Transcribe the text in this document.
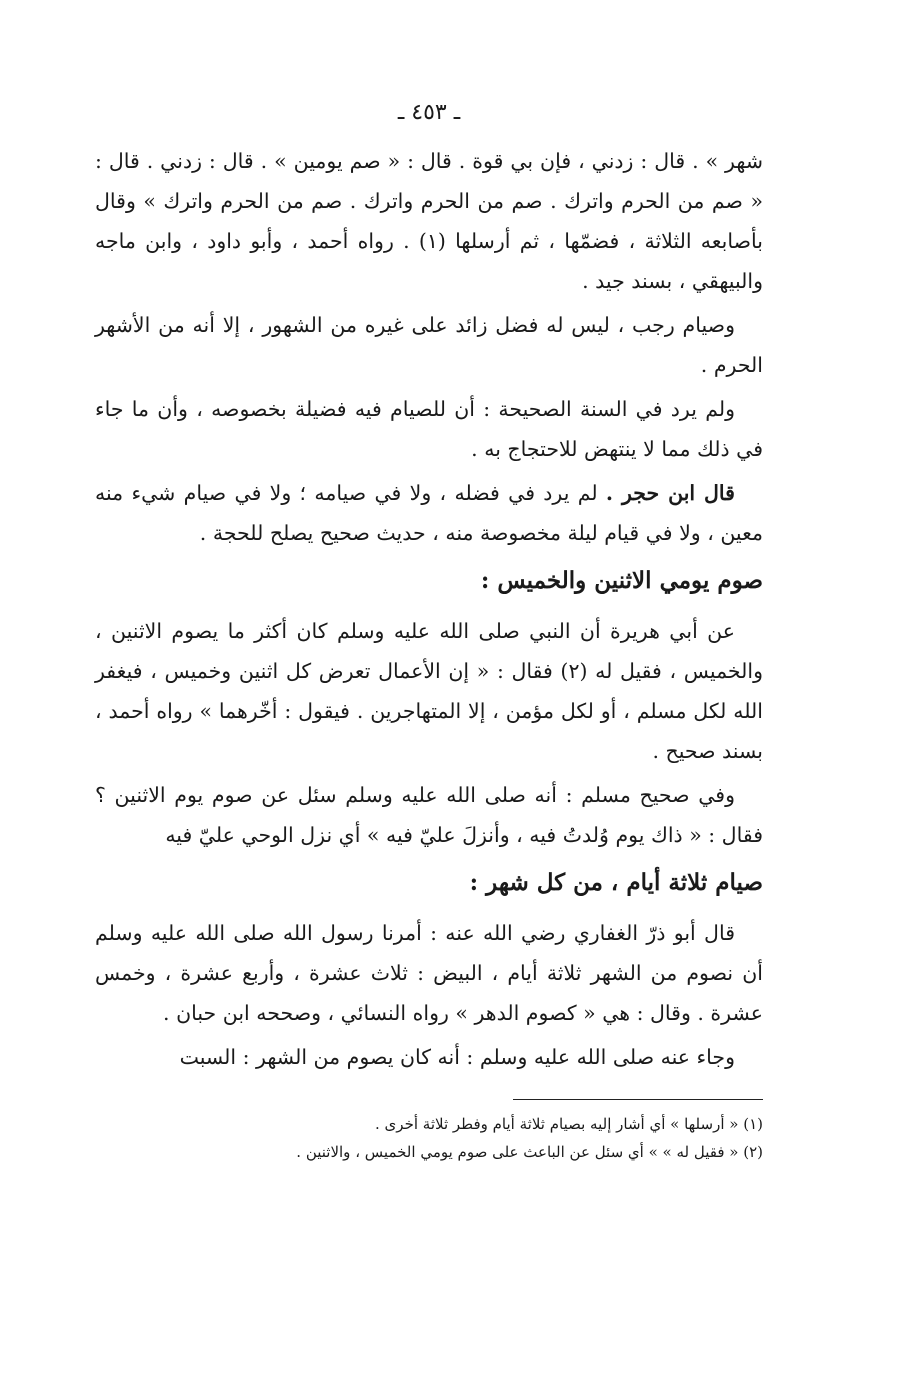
ـ ٤٥٣ ـ

شهر » . قال : زدني ، فإن بي قوة . قال : « صم يومين » . قال : زدني . قال : « صم من الحرم واترك . صم من الحرم واترك . صم من الحرم واترك » وقال بأصابعه الثلاثة ، فضمّها ، ثم أرسلها (١) . رواه أحمد ، وأبو داود ، وابن ماجه والبيهقي ، بسند جيد .

وصيام رجب ، ليس له فضل زائد على غيره من الشهور ، إلا أنه من الأشهر الحرم .

ولم يرد في السنة الصحيحة : أن للصيام فيه فضيلة بخصوصه ، وأن ما جاء في ذلك مما لا ينتهض للاحتجاج به .

قال ابن حجر . لم يرد في فضله ، ولا في صيامه ؛ ولا في صيام شيء منه معين ، ولا في قيام ليلة مخصوصة منه ، حديث صحيح يصلح للحجة .

صوم يومي الاثنين والخميس :

عن أبي هريرة أن النبي صلى الله عليه وسلم كان أكثر ما يصوم الاثنين ، والخميس ، فقيل له (٢) فقال : « إن الأعمال تعرض كل اثنين وخميس ، فيغفر الله لكل مسلم ، أو لكل مؤمن ، إلا المتهاجرين . فيقول : أخّرهما » رواه أحمد ، بسند صحيح .

وفي صحيح مسلم : أنه صلى الله عليه وسلم سئل عن صوم يوم الاثنين ؟ فقال : « ذاك يوم وُلدتُ فيه ، وأنزلَ عليّ فيه » أي نزل الوحي عليّ فيه

صيام ثلاثة أيام ، من كل شهر :

قال أبو ذرّ الغفاري رضي الله عنه : أمرنا رسول الله صلى الله عليه وسلم أن نصوم من الشهر ثلاثة أيام ، البيض : ثلاث عشرة ، وأربع عشرة ، وخمس عشرة . وقال : هي « كصوم الدهر » رواه النسائي ، وصححه ابن حبان .

وجاء عنه صلى الله عليه وسلم : أنه كان يصوم من الشهر : السبت

(١) « أرسلها » أي أشار إليه بصيام ثلاثة أيام وفطر ثلاثة أخرى .

(٢) « فقيل له » » أي سئل عن الباعث على صوم يومي الخميس ، والاثنين .
